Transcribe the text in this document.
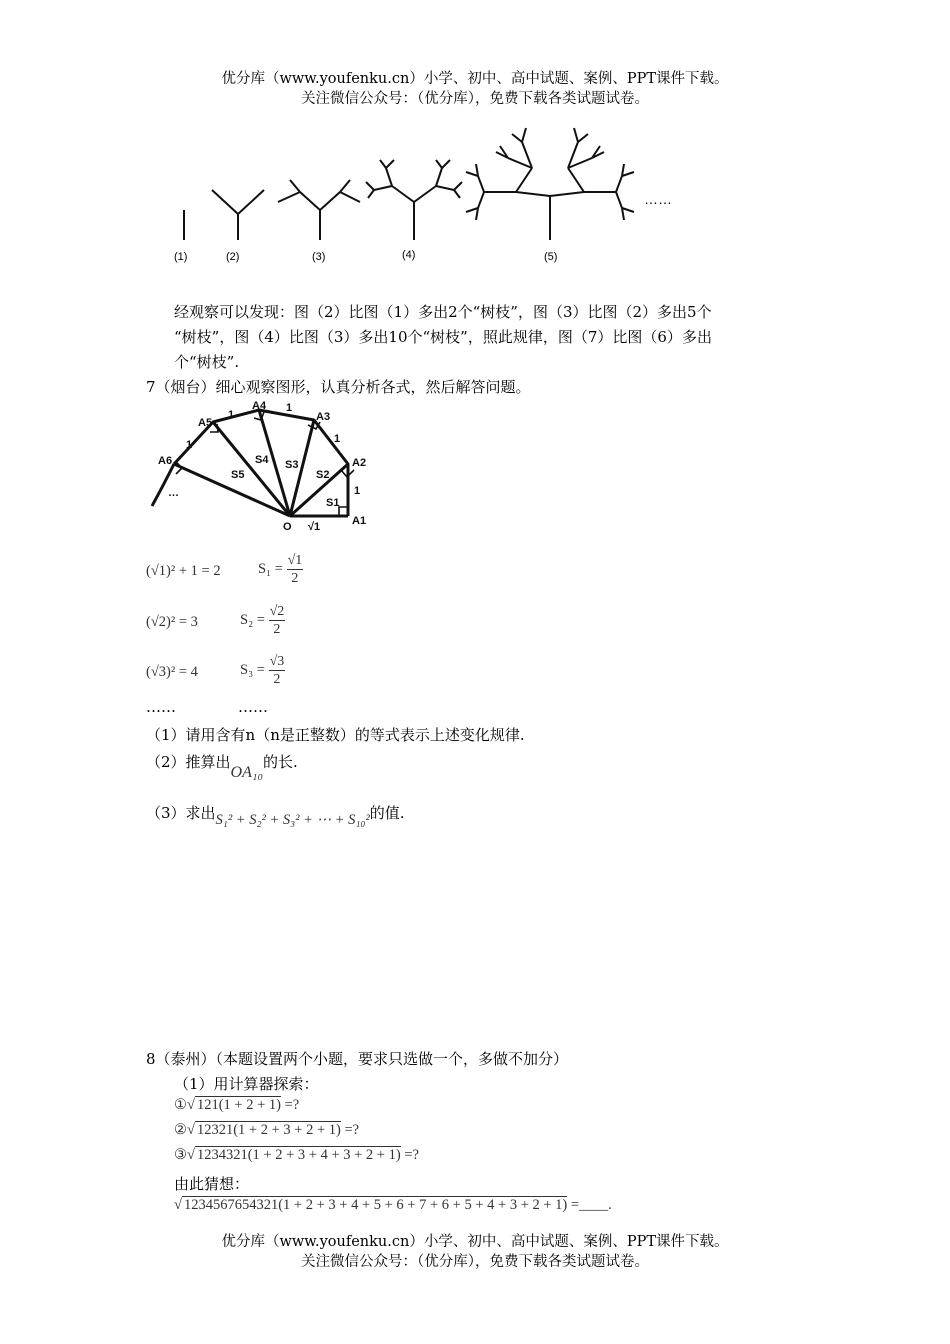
优分库（www.youfenku.cn）小学、初中、高中试题、案例、PPT课件下载。
关注微信公众号：（优分库），免费下载各类试题试卷。
(1)	(2)	(3)	(4)	(5)
……
经观察可以发现：图（2）比图（1）多出2个“树枝”，图（3）比图（2）多出5个
“树枝”，图（4）比图（3）多出10个“树枝”，照此规律，图（7）比图（6）多出
个“树枝”.
7（烟台）细心观察图形，认真分析各式，然后解答问题。
A1
A2
A3
A4
A5
A6
O
S1
S2
S3
S4
S5
1
1
1
1
1
√1
…
(√1)² + 1 = 2	$S_1 = \frac{√1}{2}$
(√2)² = 3	$S_2 = \frac{√2}{2}$
(√3)² = 4	$S_3 = \frac{√3}{2}$
……	……
（1）请用含有n（n是正整数）的等式表示上述变化规律.
（2）推算出OA₁₀的长.
（3）求出S₁² + S₂² + S₃² + ⋯ + S₁₀²的值.
8（泰州）（本题设置两个小题，要求只选做一个，多做不加分）
（1）用计算器探索：
①√ 121(1 + 2 + 1) =?
②√ 12321(1 + 2 + 3 + 2 + 1) =?
③√ 1234321(1 + 2 + 3 + 4 + 3 + 2 + 1) =?
由此猜想：
√ 1234567654321(1 + 2 + 3 + 4 + 5 + 6 + 7 + 6 + 5 + 4 + 3 + 2 + 1) =____.
优分库（www.youfenku.cn）小学、初中、高中试题、案例、PPT课件下载。
关注微信公众号：（优分库），免费下载各类试题试卷。
